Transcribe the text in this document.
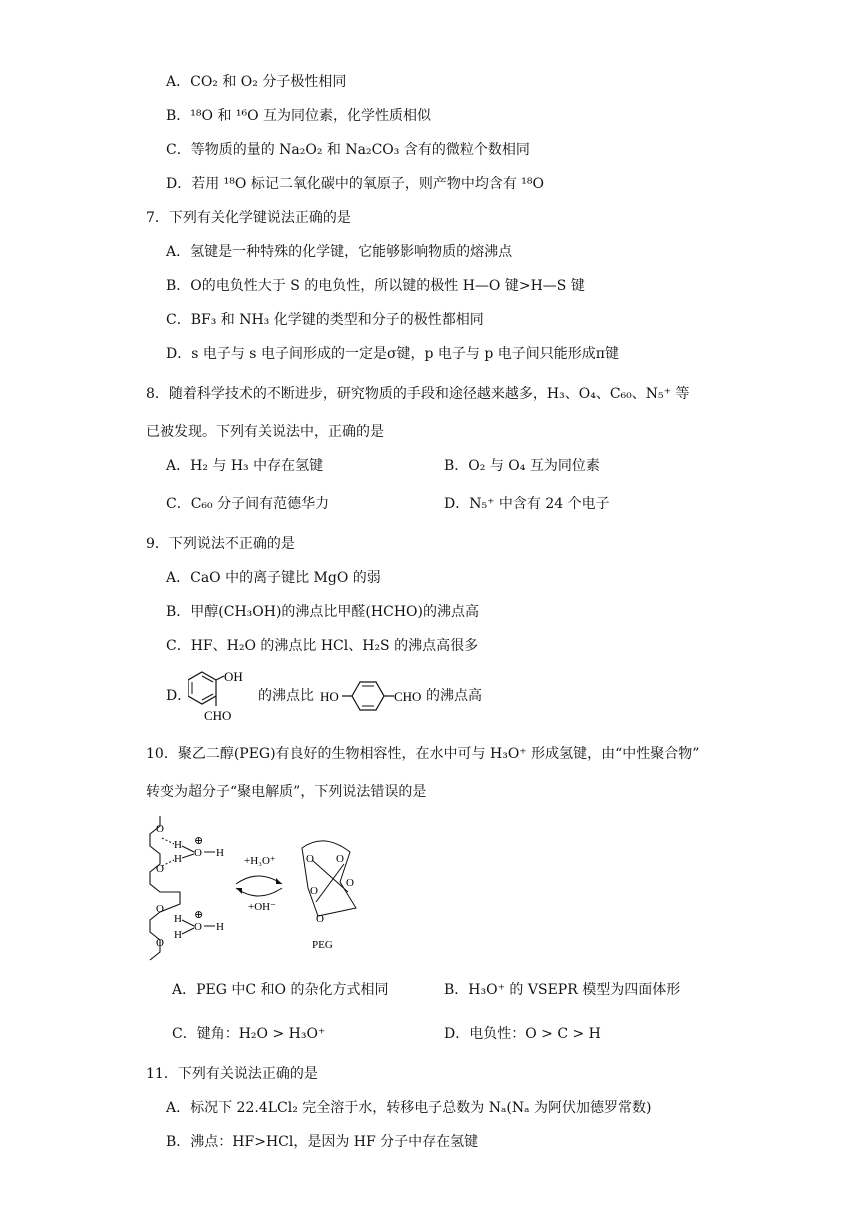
A．CO₂ 和 O₂ 分子极性相同
B．¹⁸O 和 ¹⁶O 互为同位素，化学性质相似
C．等物质的量的 Na₂O₂ 和 Na₂CO₃ 含有的微粒个数相同
D．若用 ¹⁸O 标记二氧化碳中的氧原子，则产物中均含有 ¹⁸O
7．下列有关化学键说法正确的是
A．氢键是一种特殊的化学键，它能够影响物质的熔沸点
B．O的电负性大于 S 的电负性，所以键的极性 H—O 键>H—S 键
C．BF₃ 和 NH₃ 化学键的类型和分子的极性都相同
D．s 电子与 s 电子间形成的一定是σ键，p 电子与 p 电子间只能形成π键
8．随着科学技术的不断进步，研究物质的手段和途径越来越多，H₃、O₄、C₆₀、N₅⁺ 等
已被发现。下列有关说法中，正确的是
A．H₂ 与 H₃ 中存在氢键	B．O₂ 与 O₄ 互为同位素
C．C₆₀ 分子间有范德华力	D．N₅⁺ 中含有 24 个电子
9．下列说法不正确的是
A．CaO 中的离子键比 MgO 的弱
B．甲醇(CH₃OH)的沸点比甲醛(HCHO)的沸点高
C．HF、H₂O 的沸点比 HCl、H₂S 的沸点高很多
D．
OH
CHO
的沸点比 HO	CHO 的沸点高
10．聚乙二醇(PEG)有良好的生物相容性，在水中可与 H₃O⁺ 形成氢键，由“中性聚合物”
转变为超分子“聚电解质”，下列说法错误的是
O
O
O
O
H
H
⊕
O H
H
H
⊕
O H
+H₃O⁺
+OH⁻
O O
O
O
O
PEG
A．PEG 中C 和O 的杂化方式相同	B．H₃O⁺ 的 VSEPR 模型为四面体形
C．键角：H₂O > H₃O⁺	D．电负性：O > C > H
11．下列有关说法正确的是
A．标况下 22.4LCl₂ 完全溶于水，转移电子总数为 Nₐ(Nₐ 为阿伏加德罗常数)
B．沸点：HF>HCl，是因为 HF 分子中存在氢键
